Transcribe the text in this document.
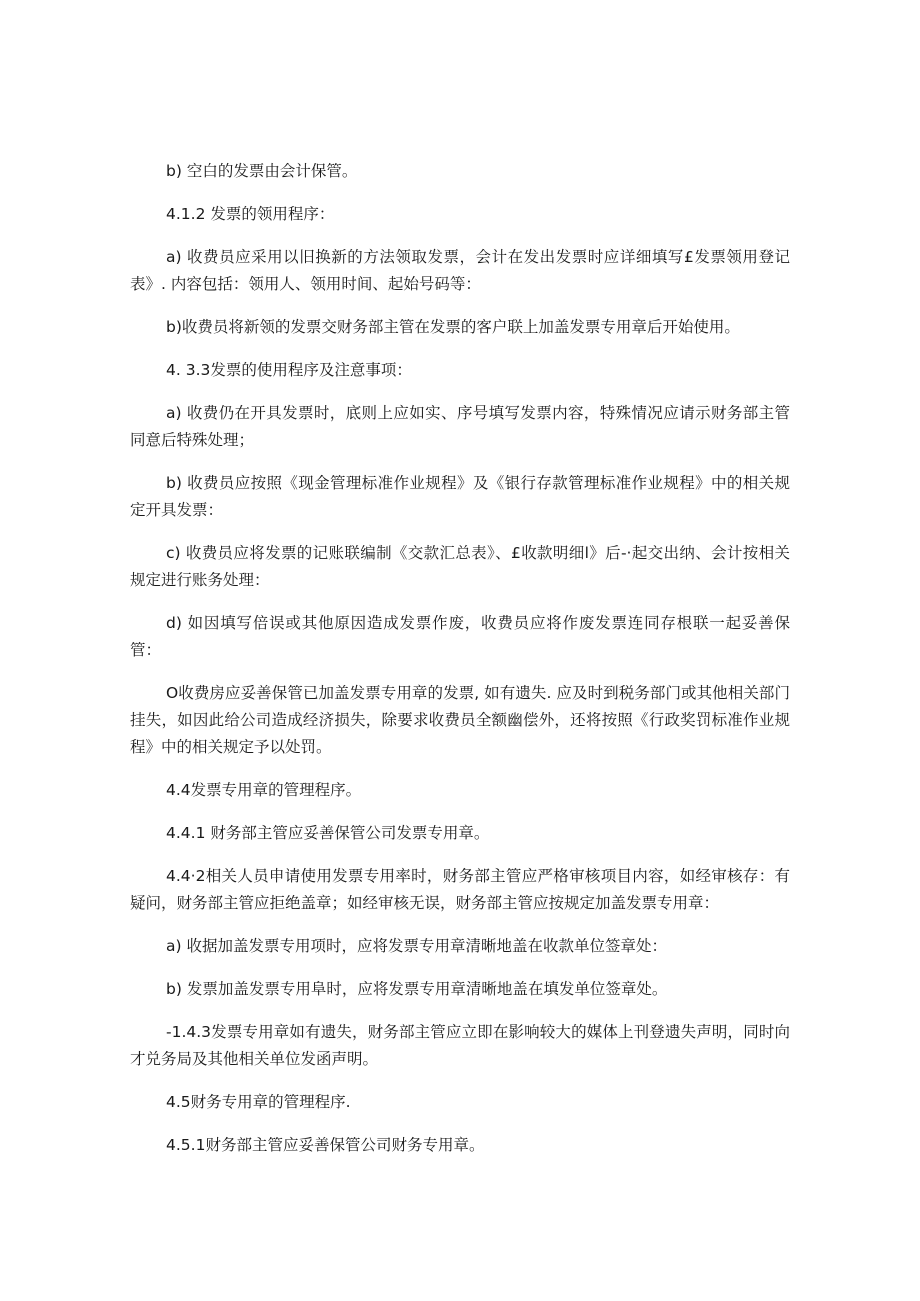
b) 空白的发票由会计保管。

4.1.2 发票的领用程序：

a) 收费员应采用以旧换新的方法领取发票，会计在发出发票时应详细填写£发票领用登记表》. 内容包括：领用人、领用时间、起始号码等：

b)收费员将新领的发票交财务部主管在发票的客户联上加盖发票专用章后开始使用。

4. 3.3发票的使用程序及注意事项：

a) 收费仍在开具发票时，底则上应如实、序号填写发票内容，特殊情况应请示财务部主管同意后特殊处理；

b) 收费员应按照《现金管理标准作业规程》及《银行存款管理标准作业规程》中的相关规定开具发票：

c) 收费员应将发票的记账联编制《交款汇总表》、£收款明细l》后-·起交出纳、会计按相关规定进行账务处理：

d) 如因填写倍误或其他原因造成发票作废，收费员应将作废发票连同存根联一起妥善保管：

O收费房应妥善保管已加盖发票专用章的发票, 如有遗失. 应及时到税务部门或其他相关部门挂失，如因此给公司造成经济损失，除要求收费员全额幽偿外，还将按照《行政奖罚标准作业规程》中的相关规定予以处罚。

4.4发票专用章的管理程序。

4.4.1 财务部主管应妥善保管公司发票专用章。

4.4·2相关人员申请使用发票专用率时，财务部主管应严格审核项目内容，如经审核存：有疑问，财务部主管应拒绝盖章；如经审核无误，财务部主管应按规定加盖发票专用章：

a) 收据加盖发票专用项时，应将发票专用章清晰地盖在收款单位签章处：

b) 发票加盖发票专用阜时，应将发票专用章清晰地盖在填发单位签章处。

-1.4.3发票专用章如有遗失，财务部主管应立即在影响较大的媒体上刊登遗失声明，同时向才兑务局及其他相关单位发函声明。

4.5财务专用章的管理程序.

4.5.1财务部主管应妥善保管公司财务专用章。
